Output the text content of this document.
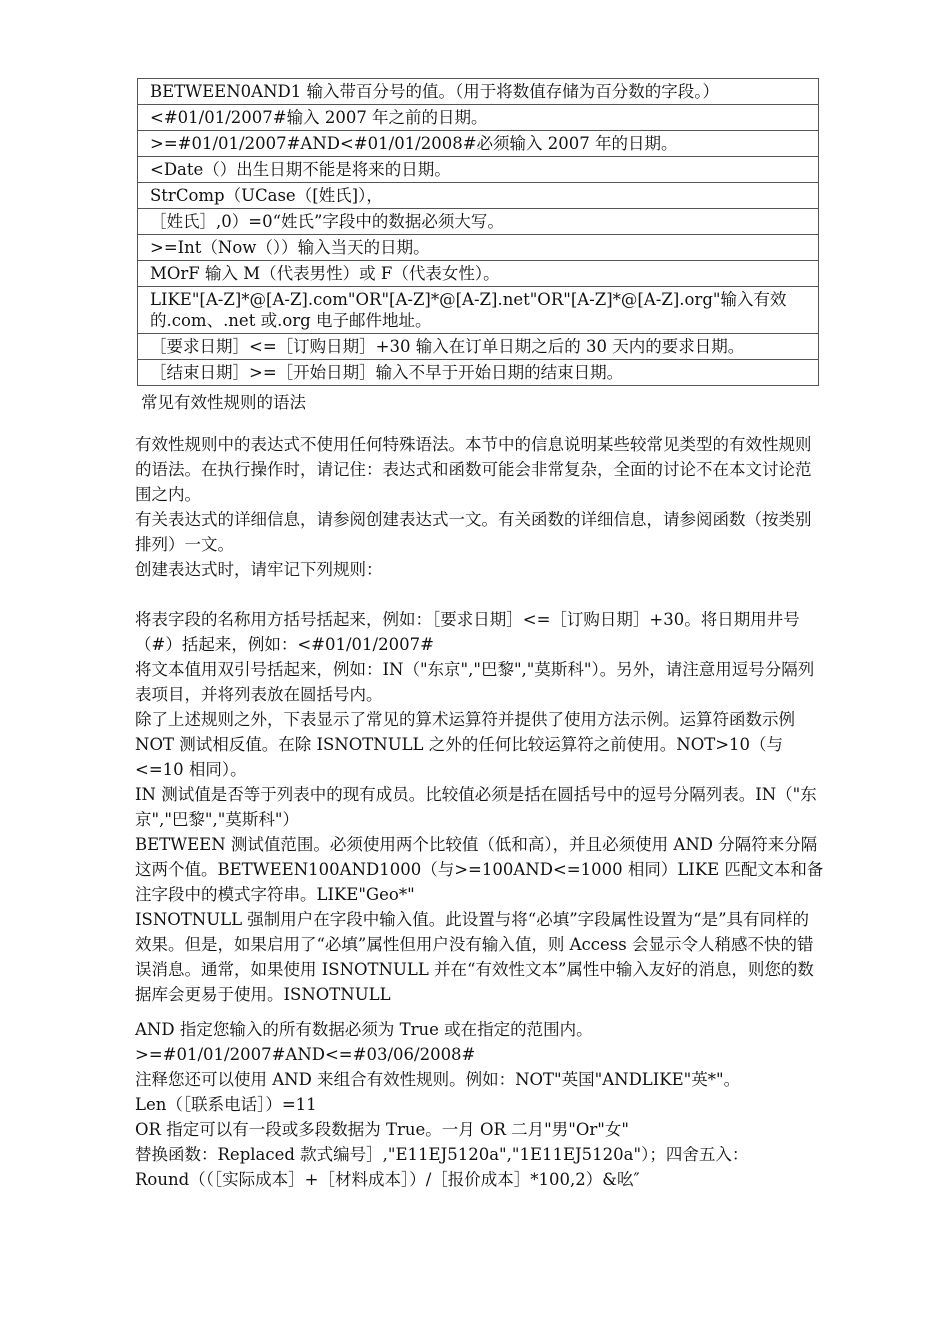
BETWEEN0AND1 输入带百分号的值。（用于将数值存储为百分数的字段。）
<#01/01/2007#输入 2007 年之前的日期。
>=#01/01/2007#AND<#01/01/2008#必须输入 2007 年的日期。
<Date（）出生日期不能是将来的日期。
StrComp（UCase（[姓氏]），
［姓氏］,0）=0“姓氏”字段中的数据必须大写。
>=Int（Now（））输入当天的日期。
MOrF 输入 M（代表男性）或 F（代表女性）。
LIKE"[A-Z]*@[A-Z].com"OR"[A-Z]*@[A-Z].net"OR"[A-Z]*@[A-Z].org"输入有效的.com、.net 或.org 电子邮件地址。
［要求日期］<=［订购日期］+30 输入在订单日期之后的 30 天内的要求日期。
［结束日期］>=［开始日期］输入不早于开始日期的结束日期。
常见有效性规则的语法

有效性规则中的表达式不使用任何特殊语法。本节中的信息说明某些较常见类型的有效性规则的语法。在执行操作时，请记住：表达式和函数可能会非常复杂，全面的讨论不在本文讨论范围之内。

有关表达式的详细信息，请参阅创建表达式一文。有关函数的详细信息，请参阅函数（按类别排列）一文。

创建表达式时，请牢记下列规则：

将表字段的名称用方括号括起来，例如：［要求日期］<=［订购日期］+30。将日期用井号（#）括起来，例如：<#01/01/2007#

将文本值用双引号括起来，例如：IN（"东京","巴黎","莫斯科"）。另外，请注意用逗号分隔列表项目，并将列表放在圆括号内。

除了上述规则之外，下表显示了常见的算术运算符并提供了使用方法示例。运算符函数示例

NOT 测试相反值。在除 ISNOTNULL 之外的任何比较运算符之前使用。NOT>10（与<=10 相同）。

IN 测试值是否等于列表中的现有成员。比较值必须是括在圆括号中的逗号分隔列表。IN（"东京","巴黎","莫斯科"）

BETWEEN 测试值范围。必须使用两个比较值（低和高），并且必须使用 AND 分隔符来分隔这两个值。BETWEEN100AND1000（与>=100AND<=1000 相同）LIKE 匹配文本和备注字段中的模式字符串。LIKE"Geo*"

ISNOTNULL 强制用户在字段中输入值。此设置与将“必填”字段属性设置为“是”具有同样的效果。但是，如果启用了“必填”属性但用户没有输入值，则 Access 会显示令人稍感不快的错误消息。通常，如果使用 ISNOTNULL 并在“有效性文本”属性中输入友好的消息，则您的数据库会更易于使用。ISNOTNULL

AND 指定您输入的所有数据必须为 True 或在指定的范围内。>=#01/01/2007#AND<=#03/06/2008#

注释您还可以使用 AND 来组合有效性规则。例如：NOT"英国"ANDLIKE"英*"。

Len（［联系电话］）=11

OR 指定可以有一段或多段数据为 True。一月 OR 二月"男"Or"女"

替换函数：Replaced 款式编号］,"E11EJ5120a","1E11EJ5120a"）；四舍五入：

Round（（［实际成本］+［材料成本］）/［报价成本］*100,2）&吆″
